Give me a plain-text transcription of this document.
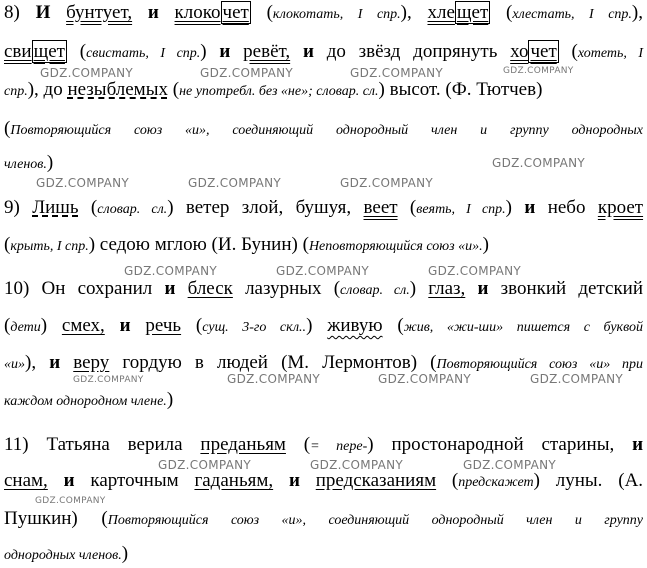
8) И бунтует, и клоко чет (клокотать, I спр.), хле щет (хлестать, I спр.),
сви щет (свистать, I спр.) и ревёт, и до звёзд допрянуть хо чет (хотеть, I
спр.), до незыблемых (не употребл. без «не»; словар. сл.) высот. (Ф. Тютчев)
(Повторяющийся союз «и», соединяющий однородный член и группу однородных
членов.)
9) Лишь (словар. сл.) ветер злой, бушуя, веет (веять, I спр.) и небо кроет
(крыть, I спр.) седою мглою (И. Бунин) (Неповторяющийся союз «и».)
10) Он сохранил и блеск лазурных (словар. сл.) глаз, и звонкий детский
(дети) смех, и речь (сущ. 3-го скл..) живую (жив, «жи-ши» пишется с буквой
«и»), и веру гордую в людей (М. Лермонтов) (Повторяющийся союз «и» при
каждом однородном члене.)
11) Татьяна верила преданьям (= пере-) простонародной старины, и
снам, и карточным гаданьям, и предсказаниям (предскажет) луны. (А.
Пушкин) (Повторяющийся союз «и», соединяющий однородный член и группу
однородных членов.)
GDZ.COMPANY	GDZ.COMPANY	GDZ.COMPANY	GDZ.COMPANY
GDZ.COMPANY
GDZ.COMPANY	GDZ.COMPANY	GDZ.COMPANY
GDZ.COMPANY	GDZ.COMPANY	GDZ.COMPANY
GDZ.COMPANY	GDZ.COMPANY	GDZ.COMPANY	GDZ.COMPANY
GDZ.COMPANY	GDZ.COMPANY	GDZ.COMPANY
GDZ.COMPANY
